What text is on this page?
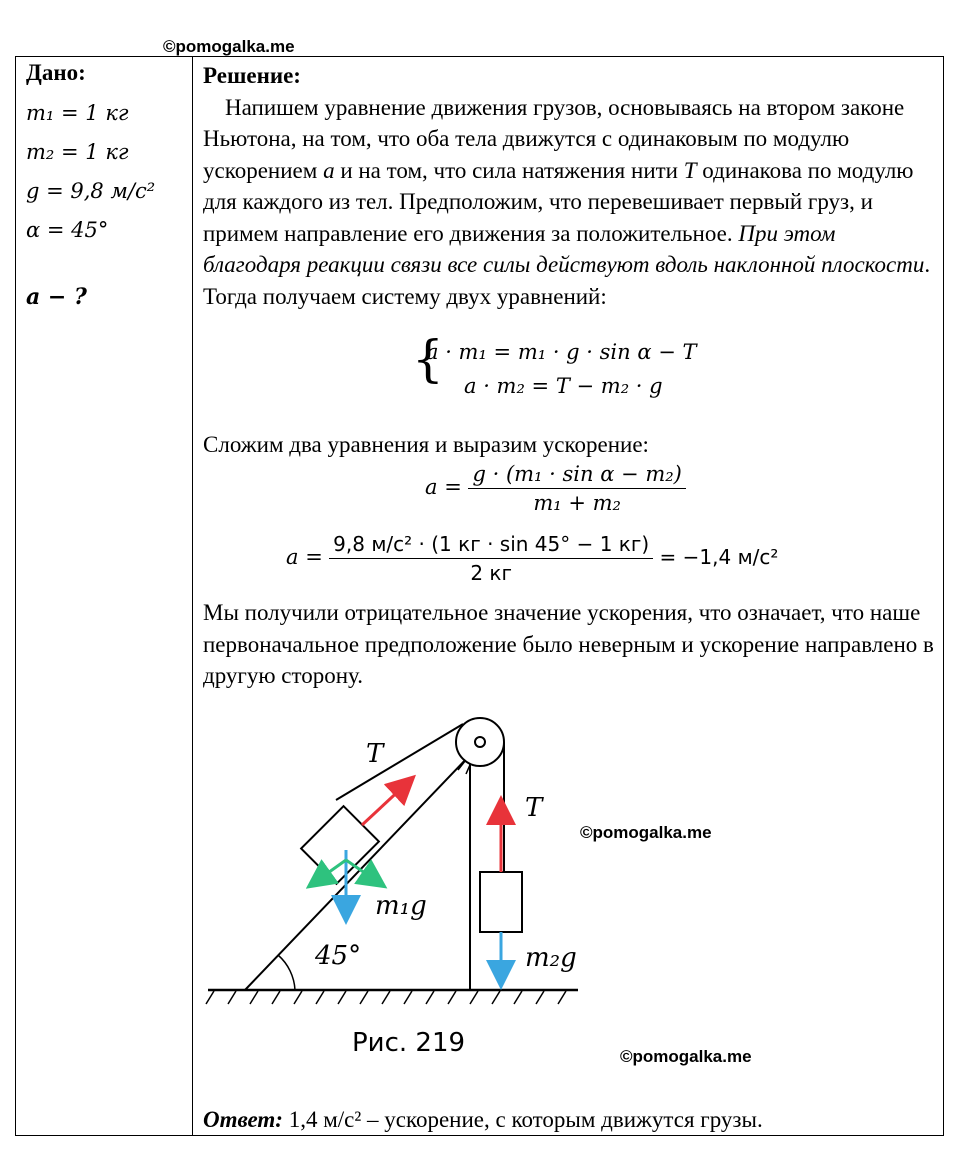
©pomogalka.me
Дано:
m₁ = 1 кг
m₂ = 1 кг
g = 9,8 м/с²
α = 45°
a − ?
Решение:

Напишем уравнение движения грузов, основываясь на втором законе Ньютона, на том, что оба тела движутся с одинаковым по модулю ускорением a и на том, что сила натяжения нити T одинакова по модулю для каждого из тел. Предположим, что перевешивает первый груз, и примем направление его движения за положительное. При этом благодаря реакции связи все силы действуют вдоль наклонной плоскости. Тогда получаем систему двух уравнений:

{
a · m₁ = m₁ · g · sin α − T
a · m₂ = T − m₂ · g
Сложим два уравнения и выразим ускорение:
$a = \frac{\text{g · (m₁ · sin α − m₂)}}{\text{m₁ + m₂}}$
$a = \frac{\text{9,8 м/с² · (1 кг · sin 45° − 1 кг)}}{2 кг} = -1,4$ м/с²
Мы получили отрицательное значение ускорения, что означает, что наше первоначальное предположение было неверным и ускорение направлено в другую сторону.
T
T
m₁g
m₂g
45°
©pomogalka.me
Рис. 219	©pomogalka.me
Ответ: 1,4 м/с² – ускорение, с которым движутся грузы.
